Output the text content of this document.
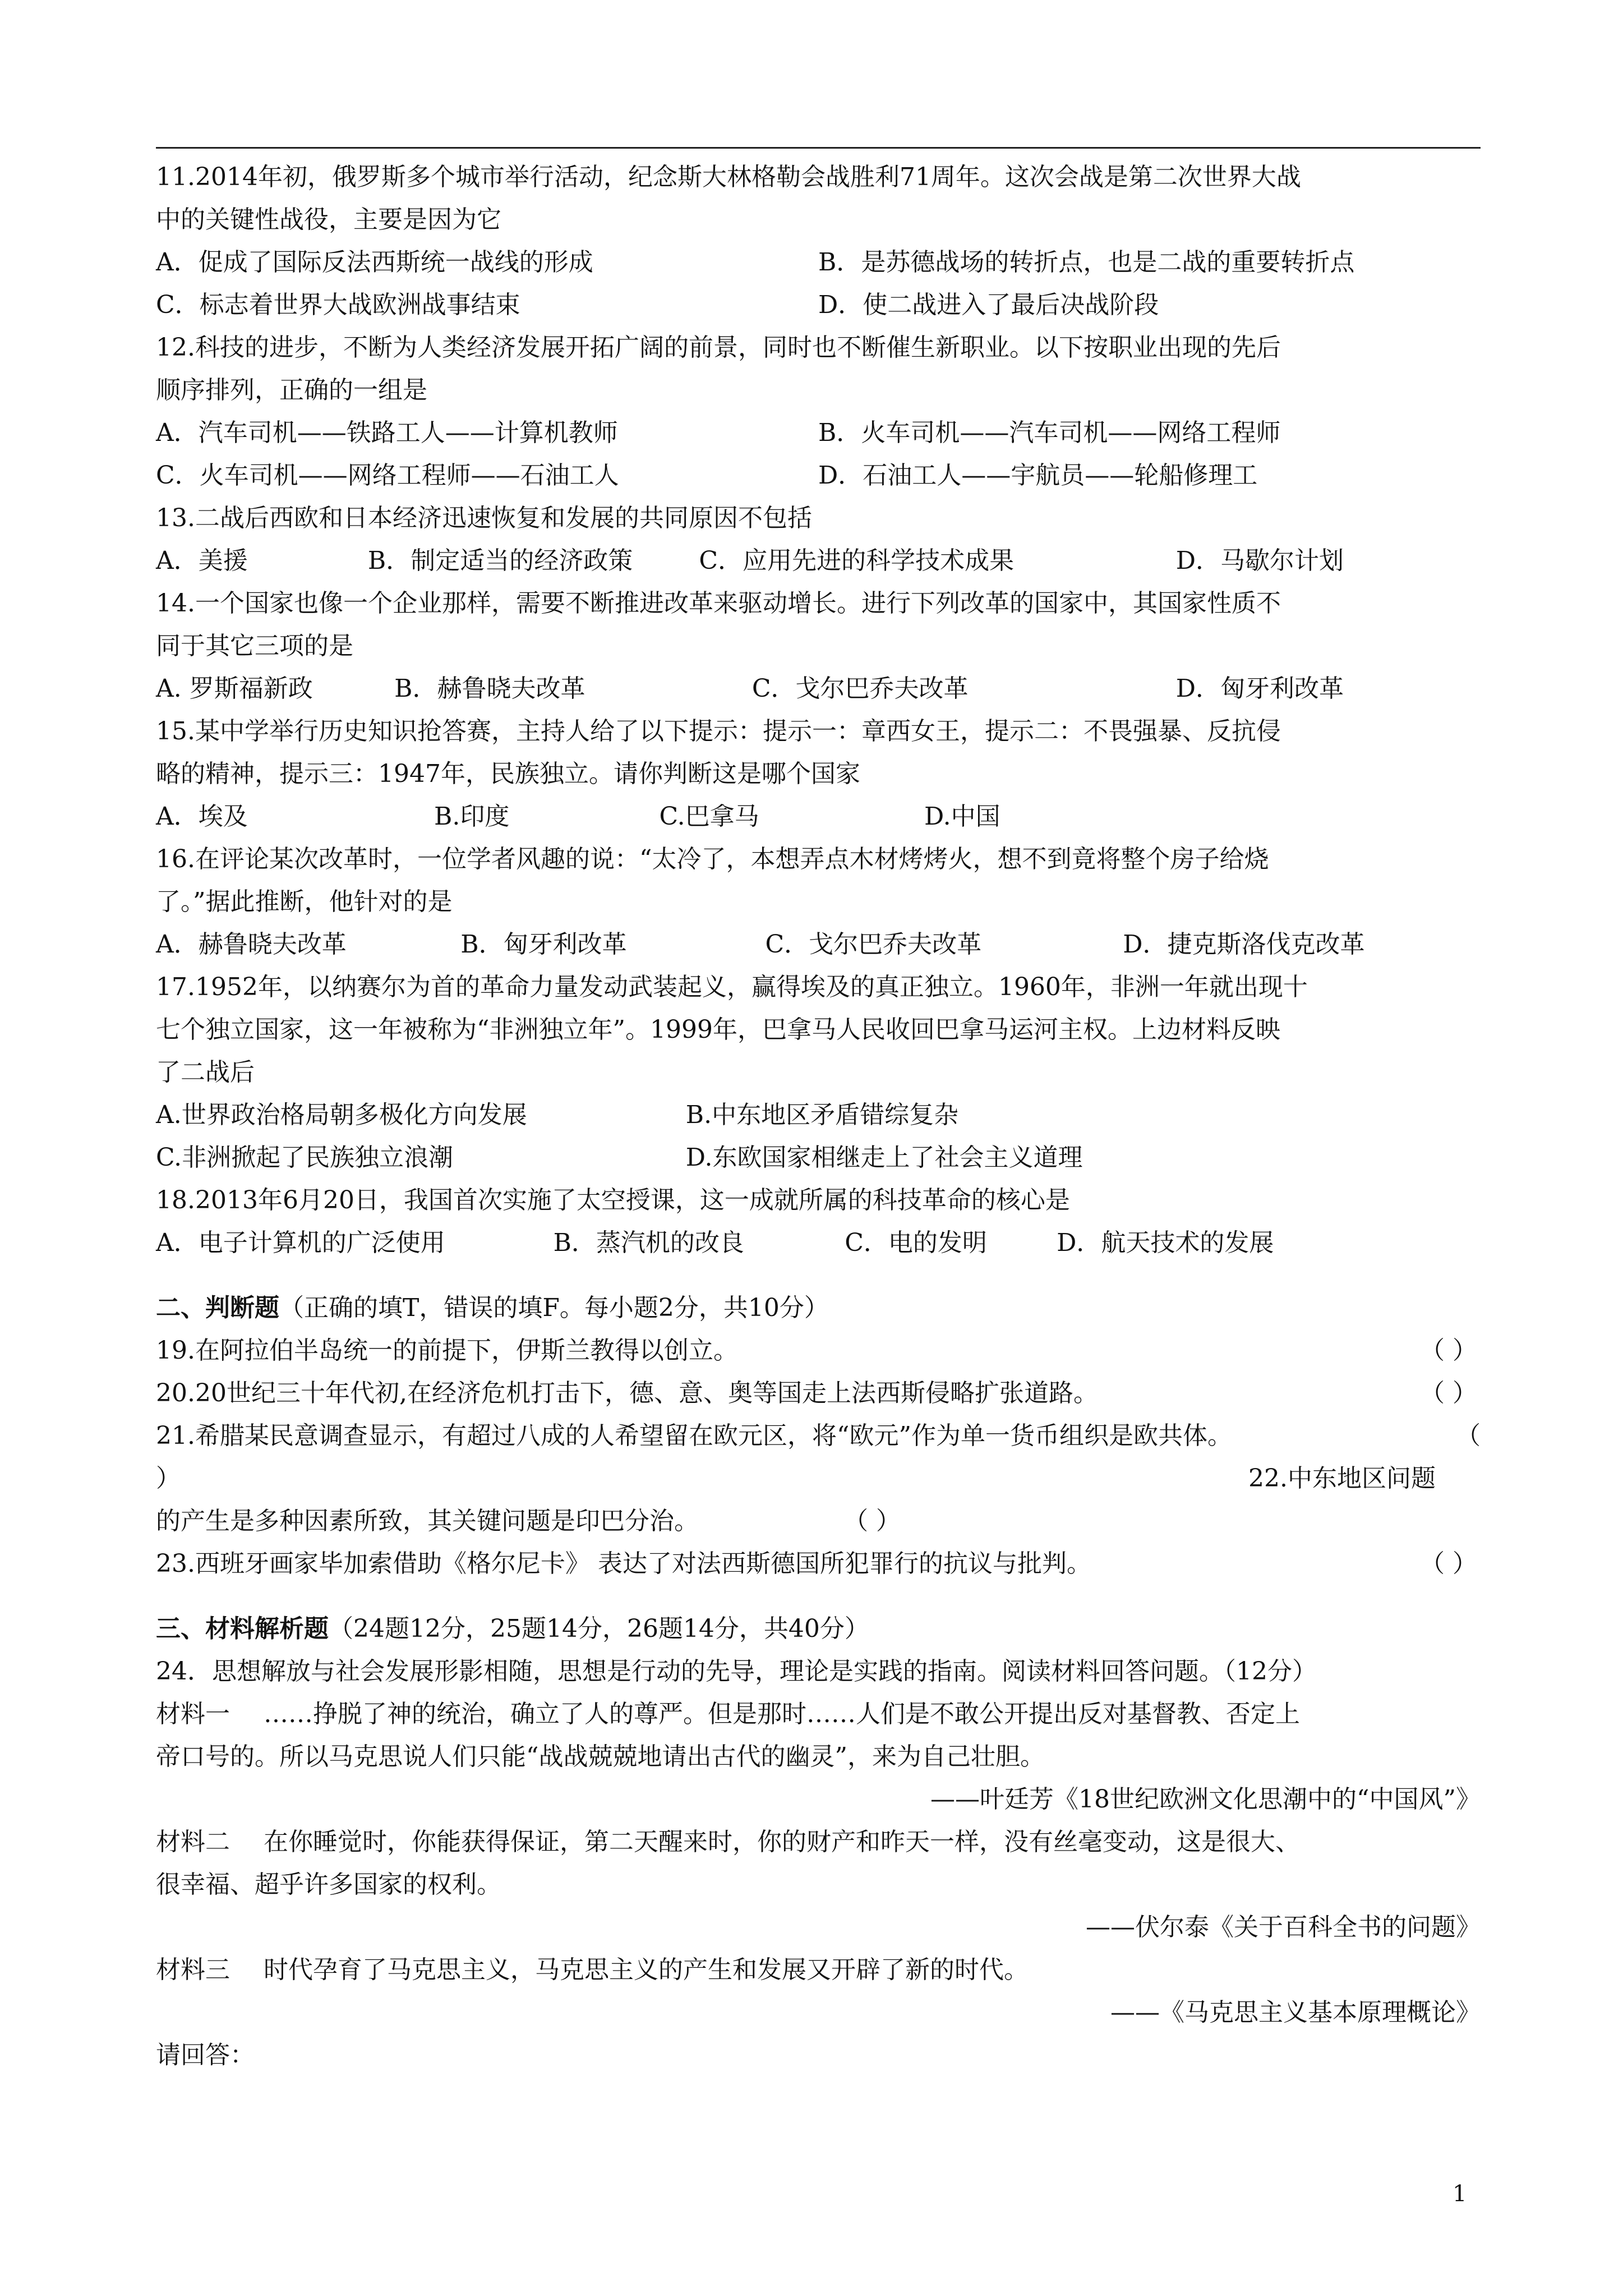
11.2014年初，俄罗斯多个城市举行活动，纪念斯大林格勒会战胜利71周年。这次会战是第二次世界大战
中的关键性战役，主要是因为它
A．促成了国际反法西斯统一战线的形成	B．是苏德战场的转折点，也是二战的重要转折点
C．标志着世界大战欧洲战事结束	D．使二战进入了最后决战阶段
12.科技的进步，不断为人类经济发展开拓广阔的前景，同时也不断催生新职业。以下按职业出现的先后
顺序排列，正确的一组是
A．汽车司机——铁路工人——计算机教师	B．火车司机——汽车司机——网络工程师
C．火车司机——网络工程师——石油工人	D．石油工人——宇航员——轮船修理工
13.二战后西欧和日本经济迅速恢复和发展的共同原因不包括
A．美援	B．制定适当的经济政策	C．应用先进的科学技术成果	D．马歇尔计划
14.一个国家也像一个企业那样，需要不断推进改革来驱动增长。进行下列改革的国家中，其国家性质不
同于其它三项的是
A. 罗斯福新政	B．赫鲁晓夫改革	C．戈尔巴乔夫改革	D．匈牙利改革
15.某中学举行历史知识抢答赛，主持人给了以下提示：提示一：章西女王，提示二：不畏强暴、反抗侵
略的精神，提示三：1947年，民族独立。请你判断这是哪个国家
A．埃及	B.印度	C.巴拿马	D.中国
16.在评论某次改革时，一位学者风趣的说：“太冷了，本想弄点木材烤烤火，想不到竟将整个房子给烧
了。”据此推断，他针对的是
A．赫鲁晓夫改革	B．匈牙利改革	C．戈尔巴乔夫改革	D．捷克斯洛伐克改革
17.1952年，以纳赛尔为首的革命力量发动武装起义，赢得埃及的真正独立。1960年，非洲一年就出现十
七个独立国家，这一年被称为“非洲独立年”。1999年，巴拿马人民收回巴拿马运河主权。上边材料反映
了二战后
A.世界政治格局朝多极化方向发展	B.中东地区矛盾错综复杂
C.非洲掀起了民族独立浪潮	D.东欧国家相继走上了社会主义道理
18.2013年6月20日，我国首次实施了太空授课，这一成就所属的科技革命的核心是
A．电子计算机的广泛使用	B．蒸汽机的改良	C．电的发明	D．航天技术的发展
二、判断题（正确的填T，错误的填F。每小题2分，共10分）
19.在阿拉伯半岛统一的前提下，伊斯兰教得以创立。	（ ）
20.20世纪三十年代初,在经济危机打击下，德、意、奥等国走上法西斯侵略扩张道路。	（ ）
21.希腊某民意调查显示，有超过八成的人希望留在欧元区，将“欧元”作为单一货币组织是欧共体。	（
）	22.中东地区问题
的产生是多种因素所致，其关键问题是印巴分治。	（ ）
23.西班牙画家毕加索借助《格尔尼卡》 表达了对法西斯德国所犯罪行的抗议与批判。	（ ）
三、材料解析题（24题12分，25题14分，26题14分，共40分）
24．思想解放与社会发展形影相随，思想是行动的先导，理论是实践的指南。阅读材料回答问题。（12分）
材料一 ……挣脱了神的统治，确立了人的尊严。但是那时……人们是不敢公开提出反对基督教、否定上
帝口号的。所以马克思说人们只能“战战兢兢地请出古代的幽灵”，来为自己壮胆。
——叶廷芳《18世纪欧洲文化思潮中的“中国风”》
材料二 在你睡觉时，你能获得保证，第二天醒来时，你的财产和昨天一样，没有丝毫变动，这是很大、
很幸福、超乎许多国家的权利。
——伏尔泰《关于百科全书的问题》
材料三 时代孕育了马克思主义，马克思主义的产生和发展又开辟了新的时代。
——《马克思主义基本原理概论》
请回答：
1
